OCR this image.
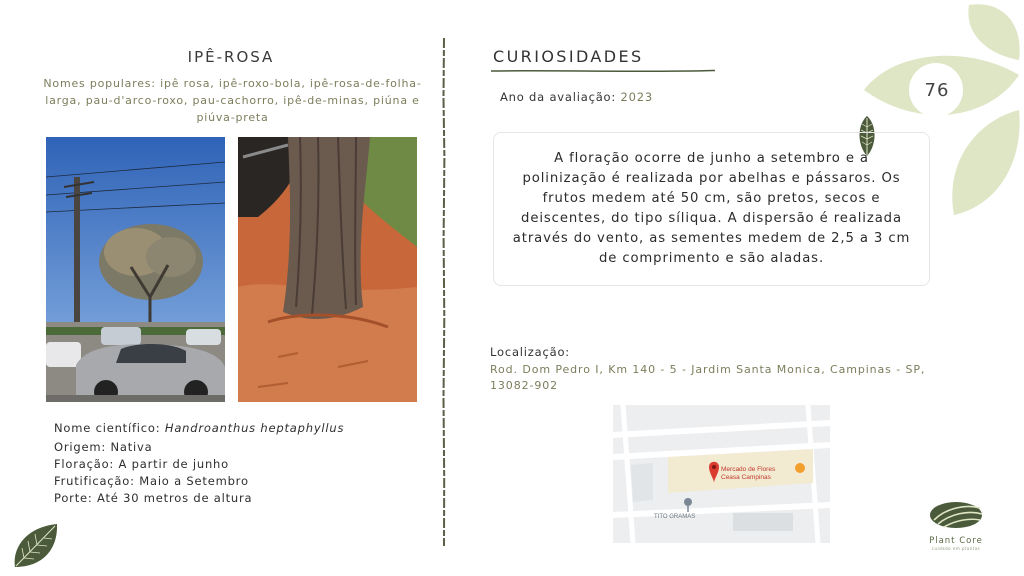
76
IPÊ-ROSA
Nomes populares: ipê rosa, ipê-roxo-bola, ipê-rosa-de-folha-larga, pau-d'arco-roxo, pau-cachorro, ipê-de-minas, piúna e piúva-preta
Nome científico: Handroanthus heptaphyllus
Origem: Nativa
Floração: A partir de junho
Frutificação: Maio a Setembro
Porte: Até 30 metros de altura
CURIOSIDADES
Ano da avaliação: 2023
A floração ocorre de junho a setembro e a polinização é realizada por abelhas e pássaros. Os frutos medem até 50 cm, são pretos, secos e deiscentes, do tipo síliqua. A dispersão é realizada através do vento, as sementes medem de 2,5 a 3 cm de comprimento e são aladas.
Localização:
Rod. Dom Pedro I, Km 140 - 5 - Jardim Santa Monica, Campinas - SP, 13082-902
Mercado de Flores
Ceasa Campinas
TITO GRAMAS
Plant Core
cuidado em plantas
